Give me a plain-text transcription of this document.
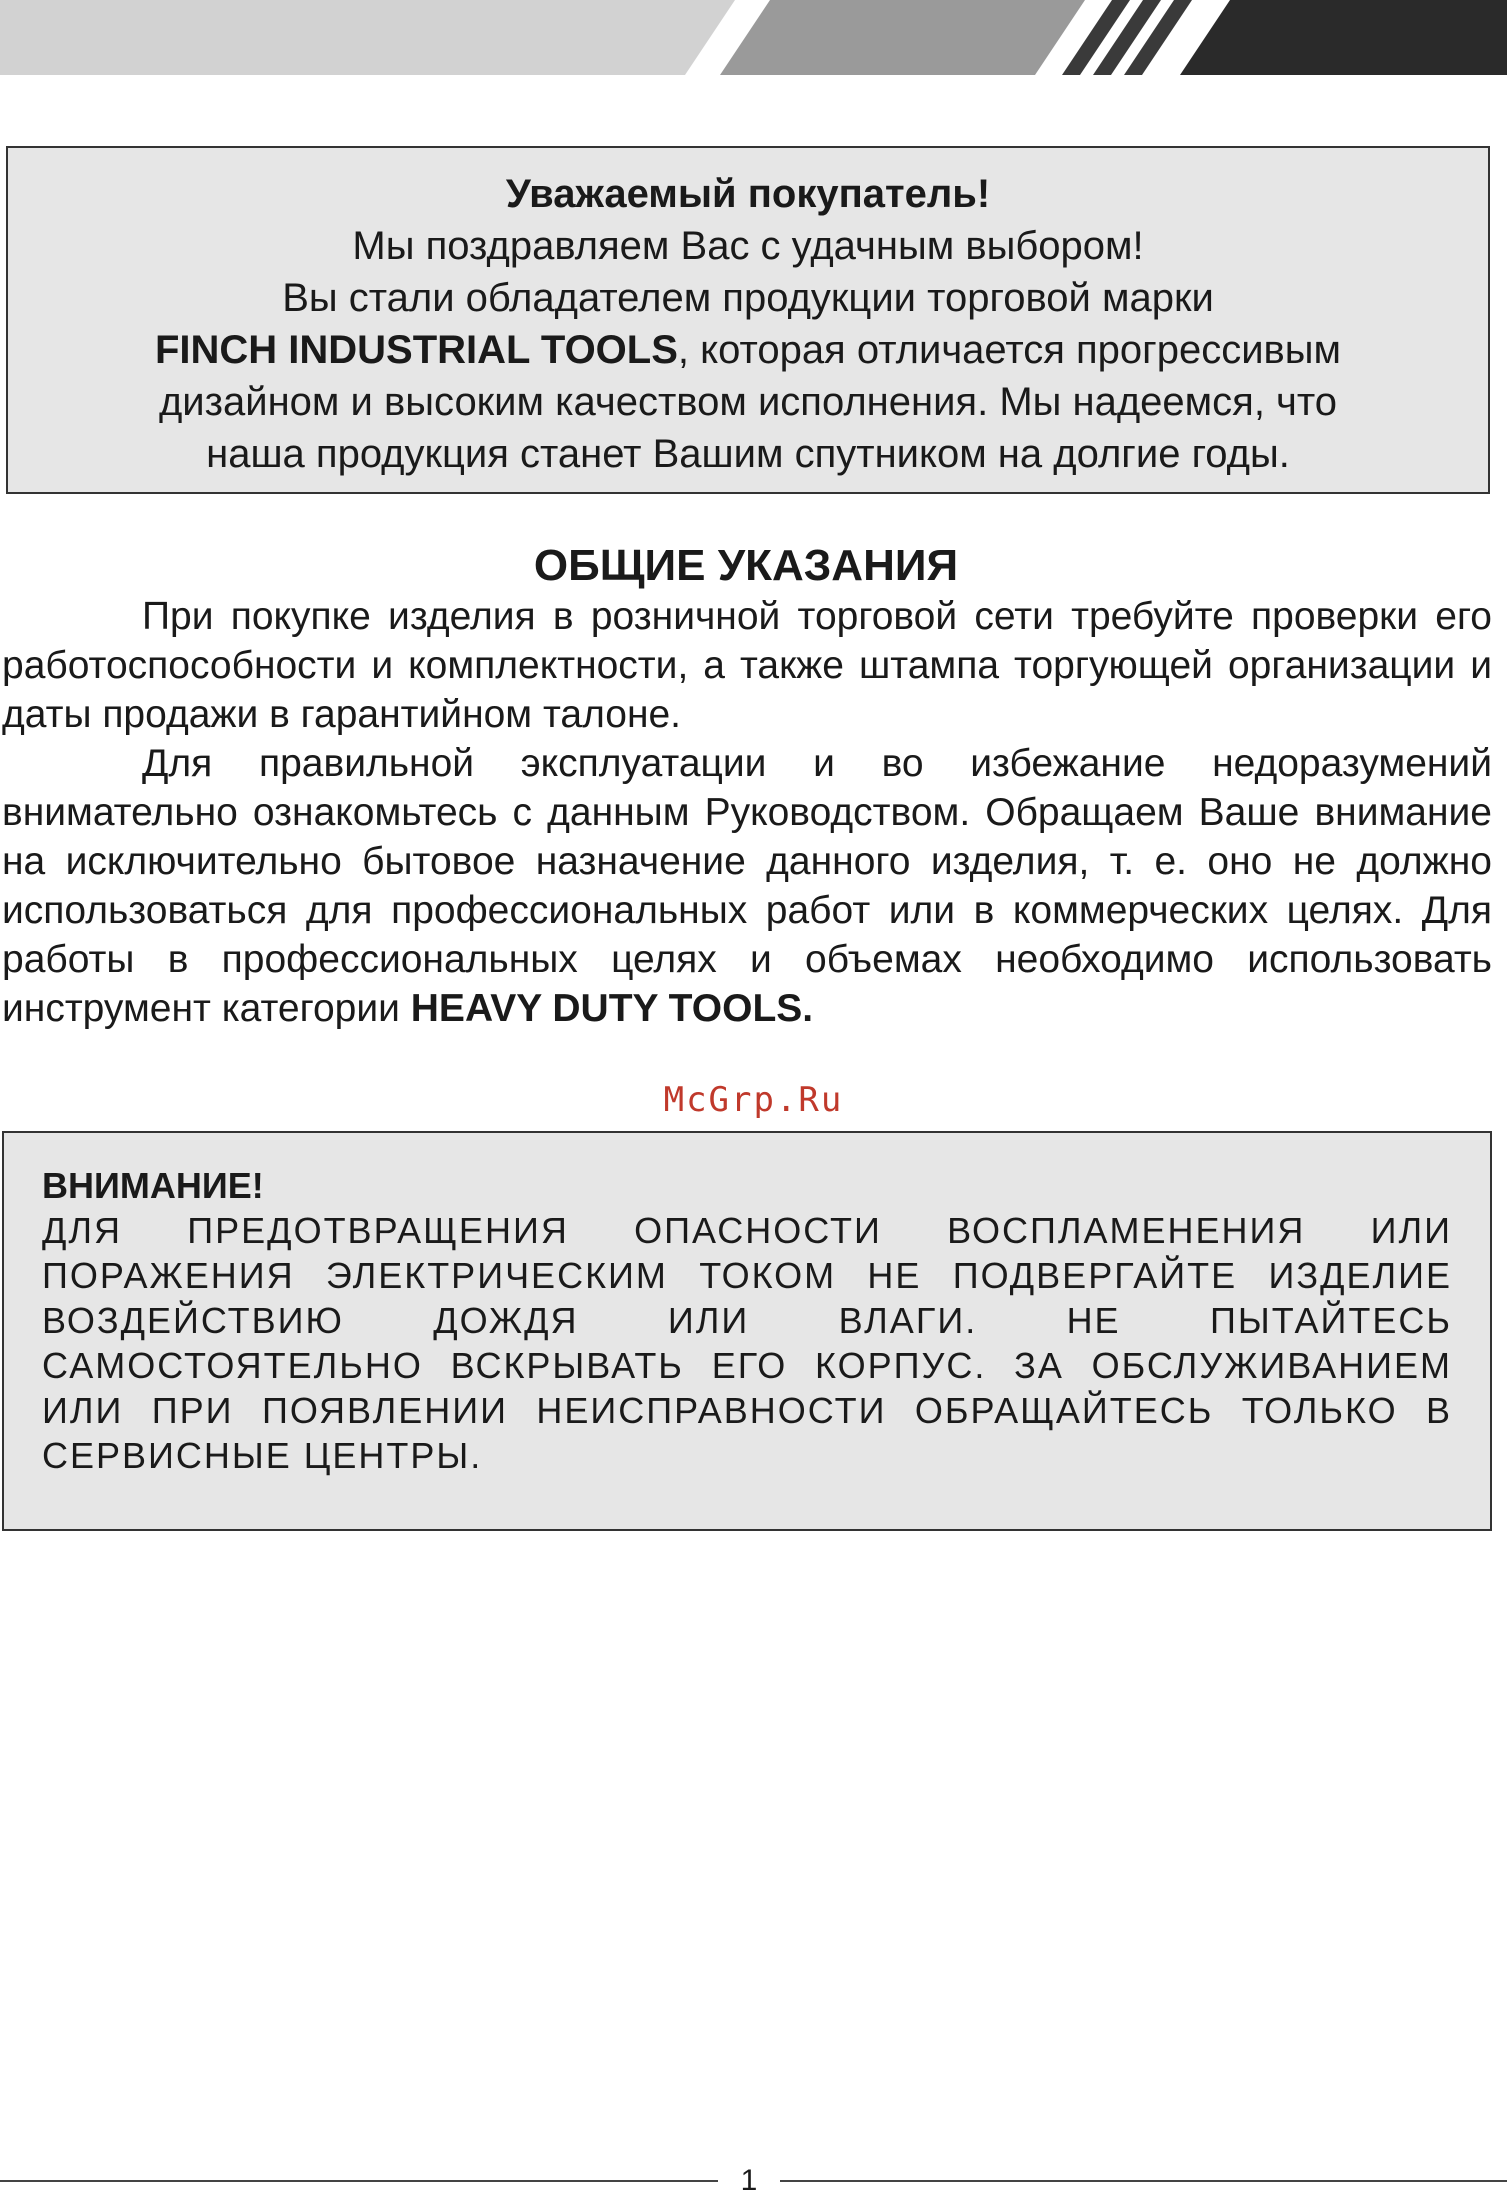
Уважаемый покупатель!
Мы поздравляем Вас с удачным выбором!
Вы стали обладателем продукции торговой марки
FINCH INDUSTRIAL TOOLS, которая отличается прогрессивым
дизайном и высоким качеством исполнения. Мы надеемся, что
наша продукция станет Вашим спутником на долгие годы.
ОБЩИЕ УКАЗАНИЯ

При покупке изделия в розничной торговой сети требуйте проверки его работоспособности и комплектности, а также штампа торгующей организации и даты продажи в гарантийном талоне.

Для правильной эксплуатации и во избежание недоразумений внимательно ознакомьтесь с данным Руководством. Обращаем Ваше внимание на исключительно бытовое назначение данного изделия, т. е. оно не должно использоваться для профессиональных работ или в коммерческих целях. Для работы в профессиональных целях и объемах необходимо использовать инструмент категории HEAVY DUTY TOOLS.

McGrp.Ru
ВНИМАНИЕ!
ДЛЯ ПРЕДОТВРАЩЕНИЯ ОПАСНОСТИ ВОСПЛАМЕНЕНИЯ ИЛИ ПОРАЖЕНИЯ ЭЛЕКТРИЧЕСКИМ ТОКОМ НЕ ПОДВЕРГАЙТЕ ИЗДЕЛИЕ ВОЗДЕЙСТВИЮ ДОЖДЯ ИЛИ ВЛАГИ. НЕ ПЫТАЙТЕСЬ САМОСТОЯТЕЛЬНО ВСКРЫВАТЬ ЕГО КОРПУС. ЗА ОБСЛУЖИВАНИЕМ ИЛИ ПРИ ПОЯВЛЕНИИ НЕИСПРАВНОСТИ ОБРАЩАЙТЕСЬ ТОЛЬКО В СЕРВИСНЫЕ ЦЕНТРЫ.
1
